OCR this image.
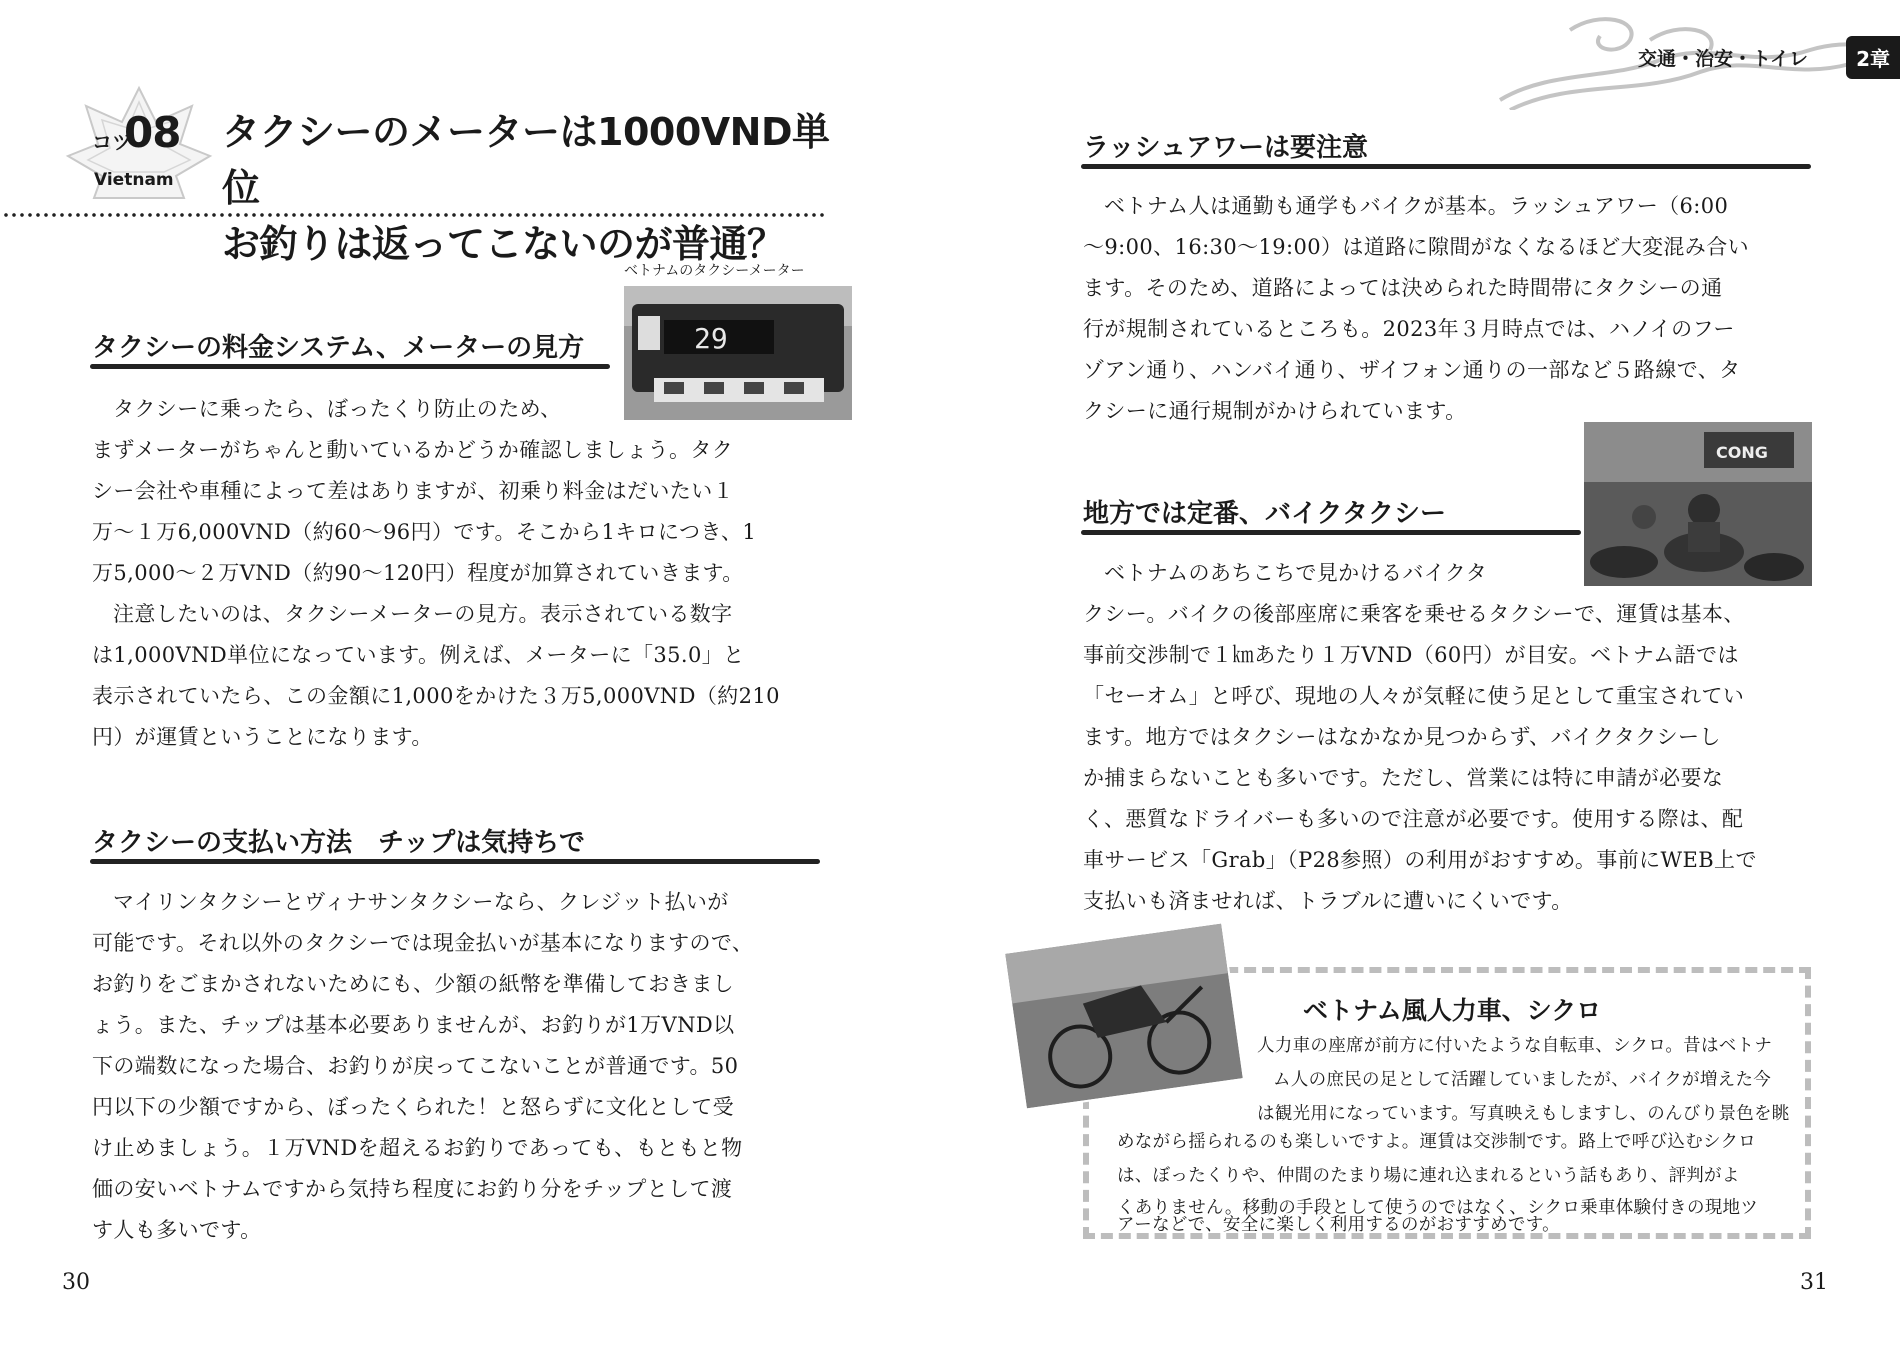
コツ
08
Vietnam
タクシーのメーターは1000VND単位
お釣りは返ってこないのが普通？
ベトナムのタクシーメーター
29
タクシーの料金システム、メーターの見方
タクシーに乗ったら、ぼったくり防止のため、
まずメーターがちゃんと動いているかどうか確認しましょう。タク
シー会社や車種によって差はありますが、初乗り料金はだいたい１
万～１万6,000VND（約60～96円）です。そこから1キロにつき、1
万5,000～２万VND（約90～120円）程度が加算されていきます。
注意したいのは、タクシーメーターの見方。表示されている数字
は1,000VND単位になっています。例えば、メーターに「35.0」と
表示されていたら、この金額に1,000をかけた３万5,000VND（約210
円）が運賃ということになります。
タクシーの支払い方法　チップは気持ちで
マイリンタクシーとヴィナサンタクシーなら、クレジット払いが
可能です。それ以外のタクシーでは現金払いが基本になりますので、
お釣りをごまかされないためにも、少額の紙幣を準備しておきまし
ょう。また、チップは基本必要ありませんが、お釣りが1万VND以
下の端数になった場合、お釣りが戻ってこないことが普通です。50
円以下の少額ですから、ぼったくられた！と怒らずに文化として受
け止めましょう。１万VNDを超えるお釣りであっても、もともと物
価の安いベトナムですから気持ち程度にお釣り分をチップとして渡
す人も多いです。
30
交通・治安・トイレ	2章
ラッシュアワーは要注意
ベトナム人は通勤も通学もバイクが基本。ラッシュアワー（6:00
～9:00、16:30～19:00）は道路に隙間がなくなるほど大変混み合い
ます。そのため、道路によっては決められた時間帯にタクシーの通
行が規制されているところも。2023年３月時点では、ハノイのフー
ゾアン通り、ハンバイ通り、ザイフォン通りの一部など５路線で、タ
クシーに通行規制がかけられています。
CONG
地方では定番、バイクタクシー
ベトナムのあちこちで見かけるバイクタ
クシー。バイクの後部座席に乗客を乗せるタクシーで、運賃は基本、
事前交渉制で１㎞あたり１万VND（60円）が目安。ベトナム語では
「セーオム」と呼び、現地の人々が気軽に使う足として重宝されてい
ます。地方ではタクシーはなかなか見つからず、バイクタクシーし
か捕まらないことも多いです。ただし、営業には特に申請が必要な
く、悪質なドライバーも多いので注意が必要です。使用する際は、配
車サービス「Grab」（P28参照）の利用がおすすめ。事前にWEB上で
支払いも済ませれば、トラブルに遭いにくいです。
ベトナム風人力車、シクロ
人力車の座席が前方に付いたような自転車、シクロ。昔はベトナ
ム人の庶民の足として活躍していましたが、バイクが増えた今
は観光用になっています。写真映えもしますし、のんびり景色を眺
めながら揺られるのも楽しいですよ。運賃は交渉制です。路上で呼び込むシクロ
は、ぼったくりや、仲間のたまり場に連れ込まれるという話もあり、評判がよ
くありません。移動の手段として使うのではなく、シクロ乗車体験付きの現地ツ
アーなどで、安全に楽しく利用するのがおすすめです。
31
